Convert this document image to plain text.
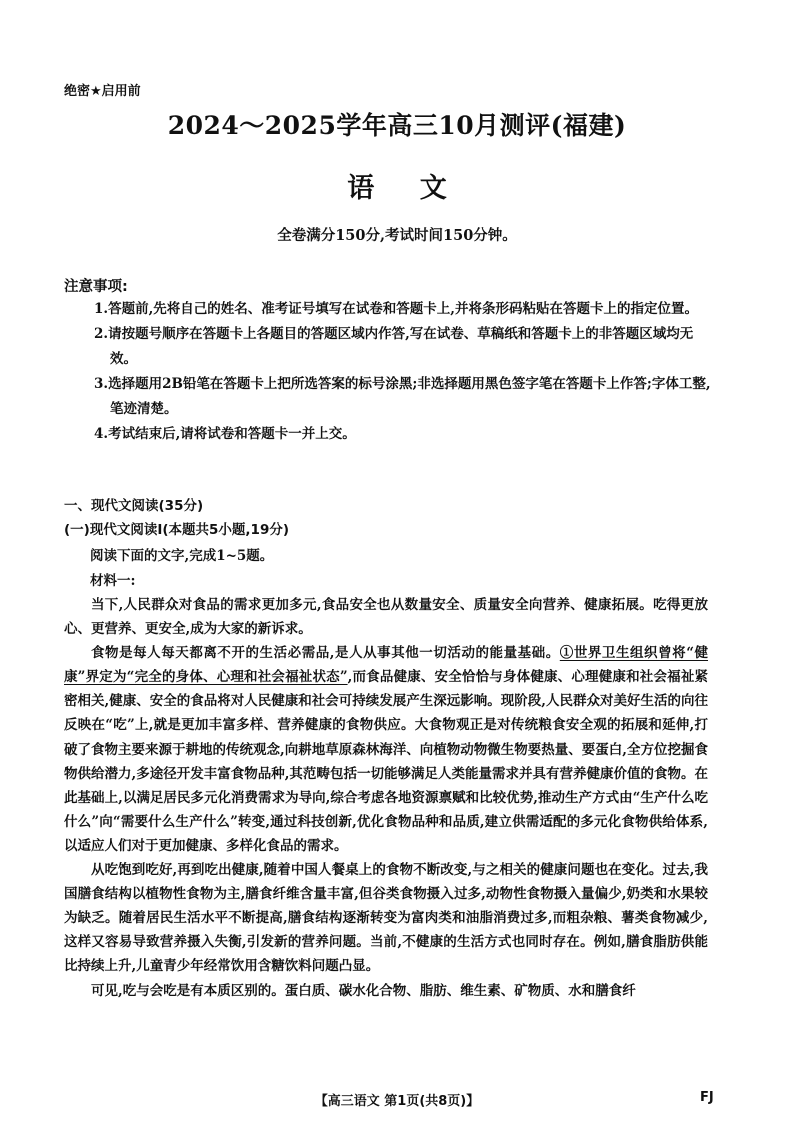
绝密★启用前
2024～2025学年高三10月测评(福建)
语 文
全卷满分150分,考试时间150分钟。
注意事项:

1.答题前,先将自己的姓名、准考证号填写在试卷和答题卡上,并将条形码粘贴在答题卡上的指定位置。

2.请按题号顺序在答题卡上各题目的答题区域内作答,写在试卷、草稿纸和答题卡上的非答题区域均无效。

3.选择题用2B铅笔在答题卡上把所选答案的标号涂黑;非选择题用黑色签字笔在答题卡上作答;字体工整,笔迹清楚。

4.考试结束后,请将试卷和答题卡一并上交。

一、现代文阅读(35分)
(一)现代文阅读Ⅰ(本题共5小题,19分)
阅读下面的文字,完成1~5题。
材料一:

当下,人民群众对食品的需求更加多元,食品安全也从数量安全、质量安全向营养、健康拓展。吃得更放心、更营养、更安全,成为大家的新诉求。

食物是每人每天都离不开的生活必需品,是人从事其他一切活动的能量基础。①世界卫生组织曾将“健康”界定为“完全的身体、心理和社会福祉状态”,而食品健康、安全恰恰与身体健康、心理健康和社会福祉紧密相关,健康、安全的食品将对人民健康和社会可持续发展产生深远影响。现阶段,人民群众对美好生活的向往反映在“吃”上,就是更加丰富多样、营养健康的食物供应。大食物观正是对传统粮食安全观的拓展和延伸,打破了食物主要来源于耕地的传统观念,向耕地草原森林海洋、向植物动物微生物要热量、要蛋白,全方位挖掘食物供给潜力,多途径开发丰富食物品种,其范畴包括一切能够满足人类能量需求并具有营养健康价值的食物。在此基础上,以满足居民多元化消费需求为导向,综合考虑各地资源禀赋和比较优势,推动生产方式由“生产什么吃什么”向“需要什么生产什么”转变,通过科技创新,优化食物品种和品质,建立供需适配的多元化食物供给体系,以适应人们对于更加健康、多样化食品的需求。

从吃饱到吃好,再到吃出健康,随着中国人餐桌上的食物不断改变,与之相关的健康问题也在变化。过去,我国膳食结构以植物性食物为主,膳食纤维含量丰富,但谷类食物摄入过多,动物性食物摄入量偏少,奶类和水果较为缺乏。随着居民生活水平不断提高,膳食结构逐渐转变为富肉类和油脂消费过多,而粗杂粮、薯类食物减少,这样又容易导致营养摄入失衡,引发新的营养问题。当前,不健康的生活方式也同时存在。例如,膳食脂肪供能比持续上升,儿童青少年经常饮用含糖饮料问题凸显。

可见,吃与会吃是有本质区别的。蛋白质、碳水化合物、脂肪、维生素、矿物质、水和膳食纤

【高三语文 第1页(共8页)】	FJ
